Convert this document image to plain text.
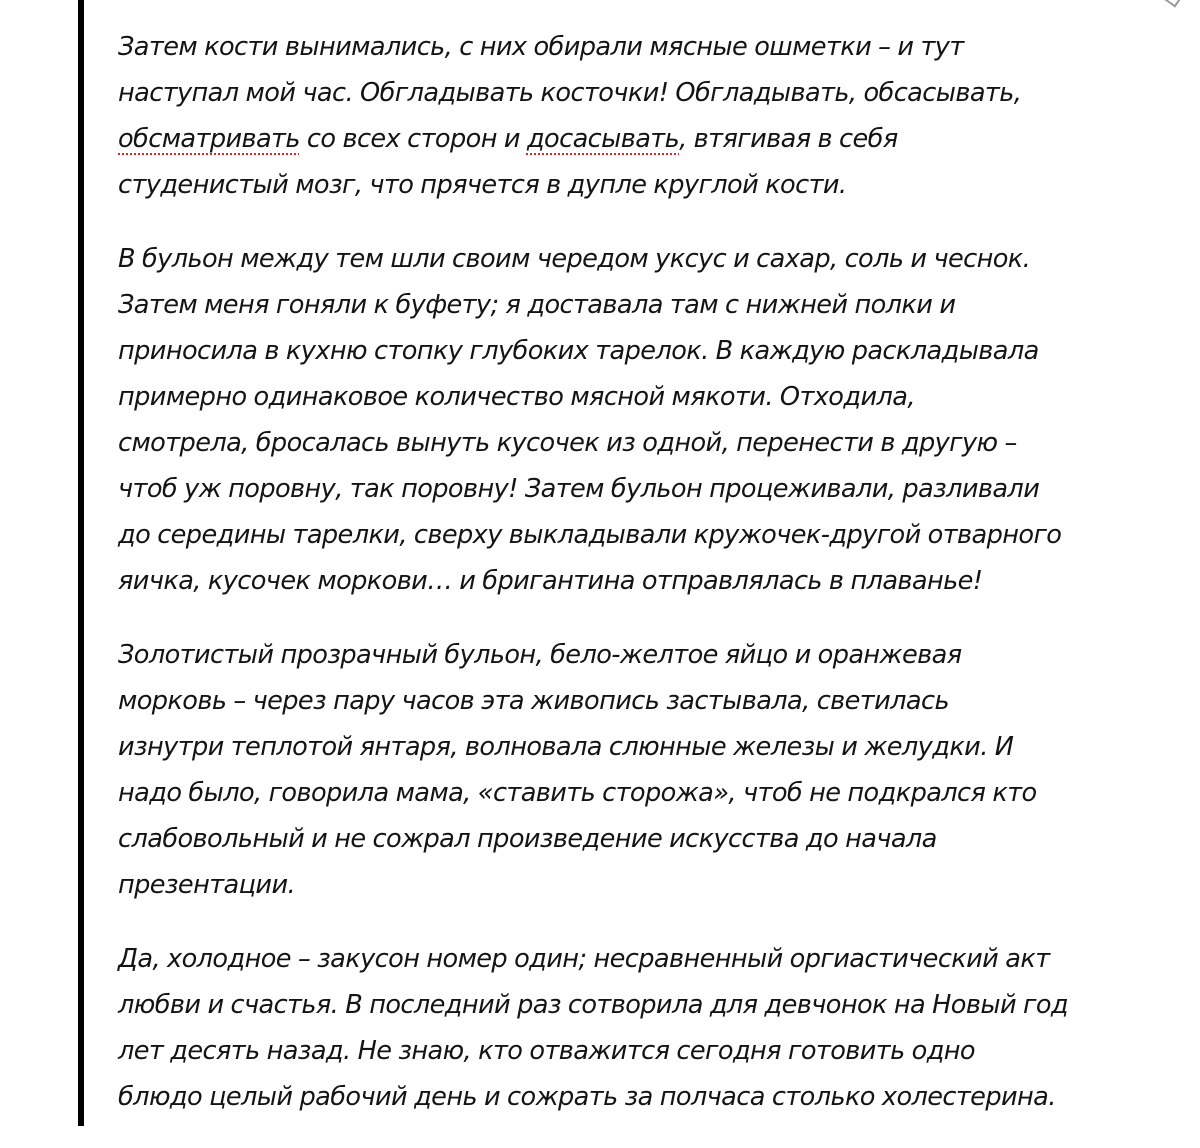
Затем кости вынимались, с них обирали мясные ошметки – и тут
наступал мой час. Обгладывать косточки! Обгладывать, обсасывать,
обсматривать со всех сторон и досасывать, втягивая в себя
студенистый мозг, что прячется в дупле круглой кости.

В бульон между тем шли своим чередом уксус и сахар, соль и чеснок.
Затем меня гоняли к буфету; я доставала там с нижней полки и
приносила в кухню стопку глубоких тарелок. В каждую раскладывала
примерно одинаковое количество мясной мякоти. Отходила,
смотрела, бросалась вынуть кусочек из одной, перенести в другую –
чтоб уж поровну, так поровну! Затем бульон процеживали, разливали
до середины тарелки, сверху выкладывали кружочек-другой отварного
яичка, кусочек моркови… и бригантина отправлялась в плаванье!

Золотистый прозрачный бульон, бело-желтое яйцо и оранжевая
морковь – через пару часов эта живопись застывала, светилась
изнутри теплотой янтаря, волновала слюнные железы и желудки. И
надо было, говорила мама, «ставить сторожа», чтоб не подкрался кто
слабовольный и не сожрал произведение искусства до начала
презентации.

Да, холодное – закусон номер один; несравненный оргиастический акт
любви и счастья. В последний раз сотворила для девчонок на Новый год
лет десять назад. Не знаю, кто отважится сегодня готовить одно
блюдо целый рабочий день и сожрать за полчаса столько холестерина.
